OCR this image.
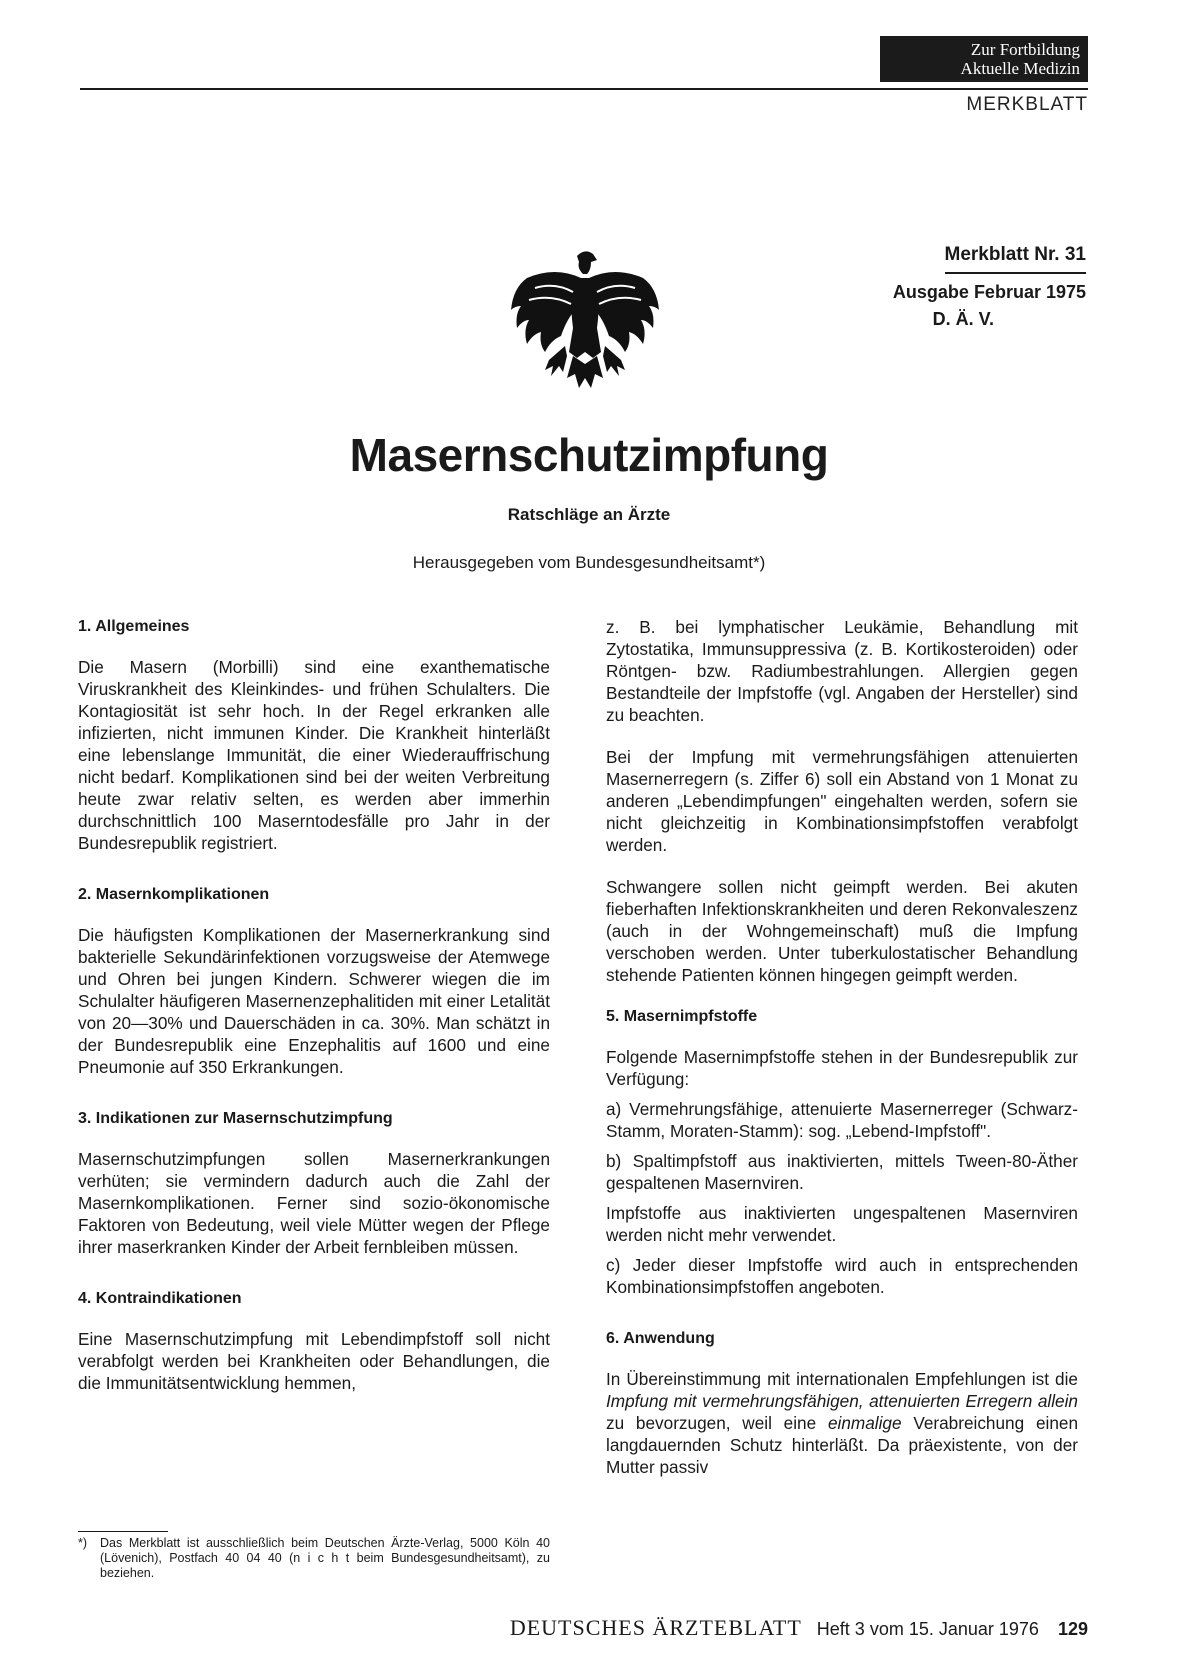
Zur Fortbildung
Aktuelle Medizin
MERKBLATT
Merkblatt Nr. 31
Ausgabe Februar 1975
D. Ä. V.
Masernschutzimpfung
Ratschläge an Ärzte
Herausgegeben vom Bundesgesundheitsamt*)
1. Allgemeines

Die Masern (Morbilli) sind eine exanthematische Viruskrankheit des Kleinkindes- und frühen Schulalters. Die Kontagiosität ist sehr hoch. In der Regel erkranken alle infizierten, nicht immunen Kinder. Die Krankheit hinterläßt eine lebenslange Immunität, die einer Wiederauffrischung nicht bedarf. Komplikationen sind bei der weiten Verbreitung heute zwar relativ selten, es werden aber immerhin durchschnittlich 100 Maserntodesfälle pro Jahr in der Bundesrepublik registriert.

2. Masernkomplikationen

Die häufigsten Komplikationen der Masernerkrankung sind bakterielle Sekundärinfektionen vorzugsweise der Atemwege und Ohren bei jungen Kindern. Schwerer wiegen die im Schulalter häufigeren Masernenzephalitiden mit einer Letalität von 20—30% und Dauerschäden in ca. 30%. Man schätzt in der Bundesrepublik eine Enzephalitis auf 1600 und eine Pneumonie auf 350 Erkrankungen.

3. Indikationen zur Masernschutzimpfung

Masernschutzimpfungen sollen Masernerkrankungen verhüten; sie vermindern dadurch auch die Zahl der Masernkomplikationen. Ferner sind sozio-ökonomische Faktoren von Bedeutung, weil viele Mütter wegen der Pflege ihrer maserkranken Kinder der Arbeit fernbleiben müssen.

4. Kontraindikationen

Eine Masernschutzimpfung mit Lebendimpfstoff soll nicht verabfolgt werden bei Krankheiten oder Behandlungen, die die Immunitätsentwicklung hemmen,

z. B. bei lymphatischer Leukämie, Behandlung mit Zytostatika, Immunsuppressiva (z. B. Kortikosteroiden) oder Röntgen- bzw. Radiumbestrahlungen. Allergien gegen Bestandteile der Impfstoffe (vgl. Angaben der Hersteller) sind zu beachten.

Bei der Impfung mit vermehrungsfähigen attenuierten Masernerregern (s. Ziffer 6) soll ein Abstand von 1 Monat zu anderen „Lebendimpfungen" eingehalten werden, sofern sie nicht gleichzeitig in Kombinationsimpfstoffen verabfolgt werden.

Schwangere sollen nicht geimpft werden. Bei akuten fieberhaften Infektionskrankheiten und deren Rekonvaleszenz (auch in der Wohngemeinschaft) muß die Impfung verschoben werden. Unter tuberkulostatischer Behandlung stehende Patienten können hingegen geimpft werden.

5. Masernimpfstoffe

Folgende Masernimpfstoffe stehen in der Bundesrepublik zur Verfügung:

a) Vermehrungsfähige, attenuierte Masernerreger (Schwarz-Stamm, Moraten-Stamm): sog. „Lebend-Impfstoff".

b) Spaltimpfstoff aus inaktivierten, mittels Tween-80-Äther gespaltenen Masernviren.

Impfstoffe aus inaktivierten ungespaltenen Masernviren werden nicht mehr verwendet.

c) Jeder dieser Impfstoffe wird auch in entsprechenden Kombinationsimpfstoffen angeboten.

6. Anwendung

In Übereinstimmung mit internationalen Empfehlungen ist die Impfung mit vermehrungsfähigen, attenuierten Erregern allein zu bevorzugen, weil eine einmalige Verabreichung einen langdauernden Schutz hinterläßt. Da präexistente, von der Mutter passiv

*)	Das Merkblatt ist ausschließlich beim Deutschen Ärzte-Verlag, 5000 Köln 40 (Lövenich), Postfach 40 04 40 (n i c h t beim Bundesgesundheitsamt), zu beziehen.
DEUTSCHES ÄRZTEBLATT Heft 3 vom 15. Januar 1976 129
